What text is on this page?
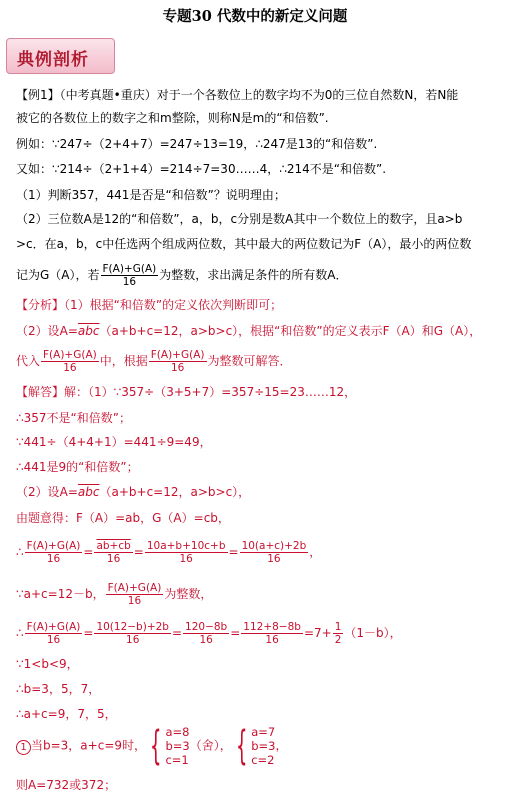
专题30 代数中的新定义问题
典例剖析
【例1】（中考真题•重庆）对于一个各数位上的数字均不为0的三位自然数N，若N能
被它的各数位上的数字之和m整除，则称N是m的“和倍数”.
例如：∵247÷（2+4+7）=247÷13=19，∴247是13的“和倍数”.
又如：∵214÷（2+1+4）=214÷7=30……4，∴214不是“和倍数”.
（1）判断357，441是否是“和倍数”？说明理由；
（2）三位数A是12的“和倍数”，a，b，c分别是数A其中一个数位上的数字，且a>b
>c．在a，b，c中任选两个组成两位数，其中最大的两位数记为F（A），最小的两位数
记为G（A），若 $\frac{F(A)+G(A)}{16}$ 为整数，求出满足条件的所有数A．
【分析】（1）根据“和倍数”的定义依次判断即可；
（2）设$A=\overline{abc}(a+b+c=12$，a>b>c），根据“和倍数”的定义表示F（A）和G（A），
代入 $\frac{F(A)+G(A)}{16}$ 中，根据 $\frac{F(A)+G(A)}{16}$ 为整数可解答．
【解答】解：（1）∵357÷（3+5+7）=357÷15=23……12，
∴357不是“和倍数”；
∵441÷（4+4+1）=441÷9=49，
∴441是9的“和倍数”；
（2）设$A=\overline{abc}(a+b+c=12$，a>b>c），
由题意得：F（A）=ab，G（A）=cb，
∴ $\frac{F(A)+G(A)}{16} = \frac{ab+cb}{16} = \frac{10a+b+10c+b}{16} = \frac{10(a+c)+2b}{16}$ ，
∵a+c=12－b， $\frac{F(A)+G(A)}{16}$ 为整数，
∴ $\frac{F(A)+G(A)}{16} = \frac{10(12-b)+2b}{16} = \frac{120-8b}{16} = \frac{112+8-8b}{16} =7+ \frac{1}{2} (1-b)$，
∵1<b<9，
∴b=3，5，7，
∴a+c=9，7，5，
1 当b=3，a+c=9时，{ a=8
b=3
c=1
（舍），{ a=7
b=3
c=2
，
则A=732或372；
